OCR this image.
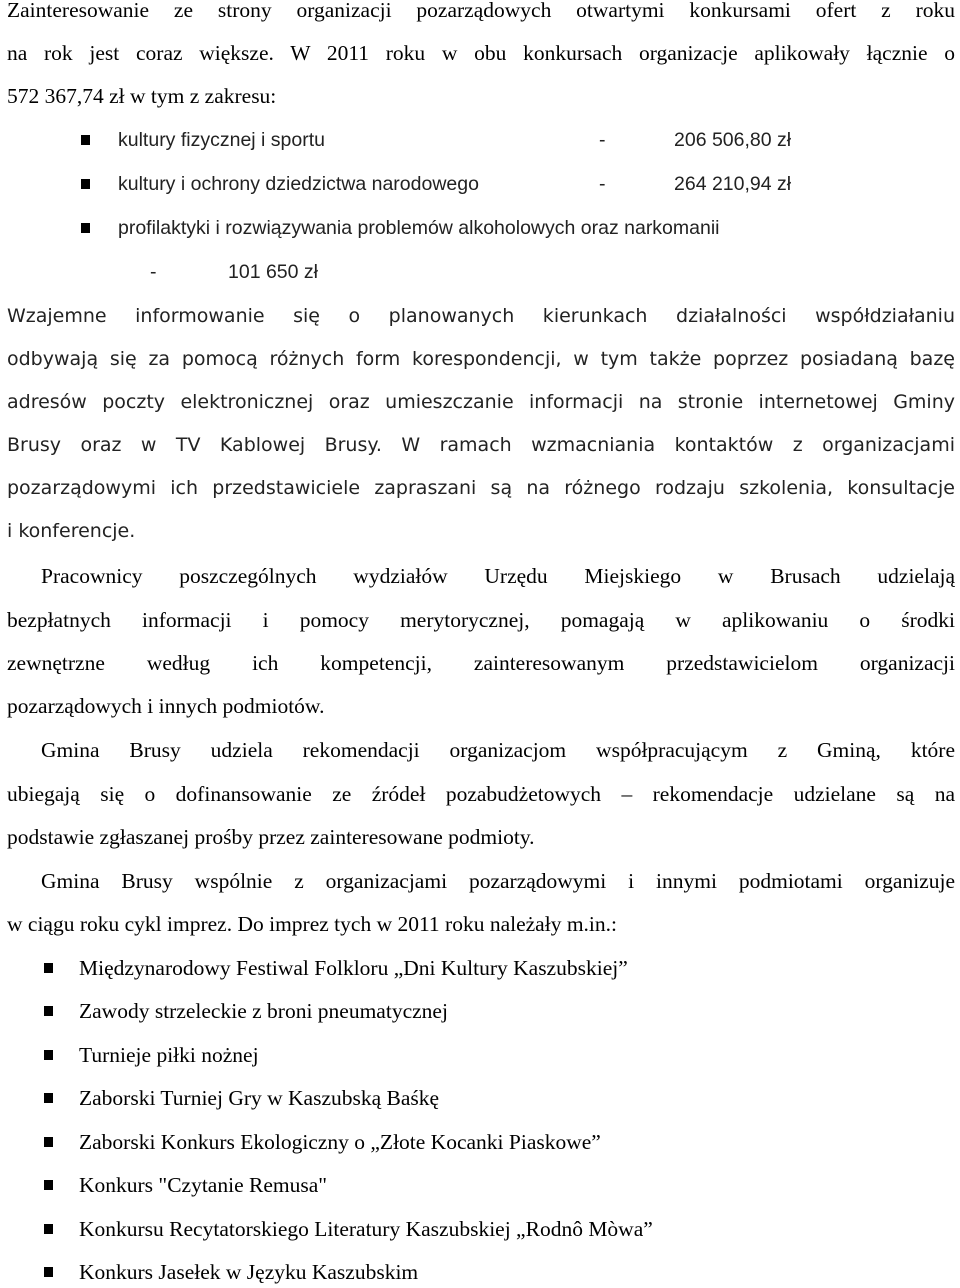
Zainteresowanie ze strony organizacji pozarządowych otwartymi konkursami ofert z roku
na rok jest coraz większe. W 2011 roku w obu konkursach organizacje aplikowały łącznie o
572 367,74 zł w tym z zakresu:
kultury fizycznej i sportu	-	206 506,80 zł
kultury i ochrony dziedzictwa narodowego	-	264 210,94 zł
profilaktyki i rozwiązywania problemów alkoholowych oraz narkomanii
-	101 650 zł
Wzajemne informowanie się o planowanych kierunkach działalności współdziałaniu
odbywają się za pomocą różnych form korespondencji, w tym także poprzez posiadaną bazę
adresów poczty elektronicznej oraz umieszczanie informacji na stronie internetowej Gminy
Brusy oraz w TV Kablowej Brusy. W ramach wzmacniania kontaktów z organizacjami
pozarządowymi ich przedstawiciele zapraszani są na różnego rodzaju szkolenia, konsultacje
i konferencje.
Pracownicy poszczególnych wydziałów Urzędu Miejskiego w Brusach udzielają
bezpłatnych informacji i pomocy merytorycznej, pomagają w aplikowaniu o środki
zewnętrzne według ich kompetencji, zainteresowanym przedstawicielom organizacji
pozarządowych i innych podmiotów.
Gmina Brusy udziela rekomendacji organizacjom współpracującym z Gminą, które
ubiegają się o dofinansowanie ze źródeł pozabudżetowych – rekomendacje udzielane są na
podstawie zgłaszanej prośby przez zainteresowane podmioty.
Gmina Brusy wspólnie z organizacjami pozarządowymi i innymi podmiotami organizuje
w ciągu roku cykl imprez. Do imprez tych w 2011 roku należały m.in.:
Międzynarodowy Festiwal Folkloru „Dni Kultury Kaszubskiej”
Zawody strzeleckie z broni pneumatycznej
Turnieje piłki nożnej
Zaborski Turniej Gry w Kaszubską Baśkę
Zaborski Konkurs Ekologiczny o „Złote Kocanki Piaskowe”
Konkurs "Czytanie Remusa"
Konkursu Recytatorskiego Literatury Kaszubskiej „Rodnô Mòwa”
Konkurs Jasełek w Języku Kaszubskim
